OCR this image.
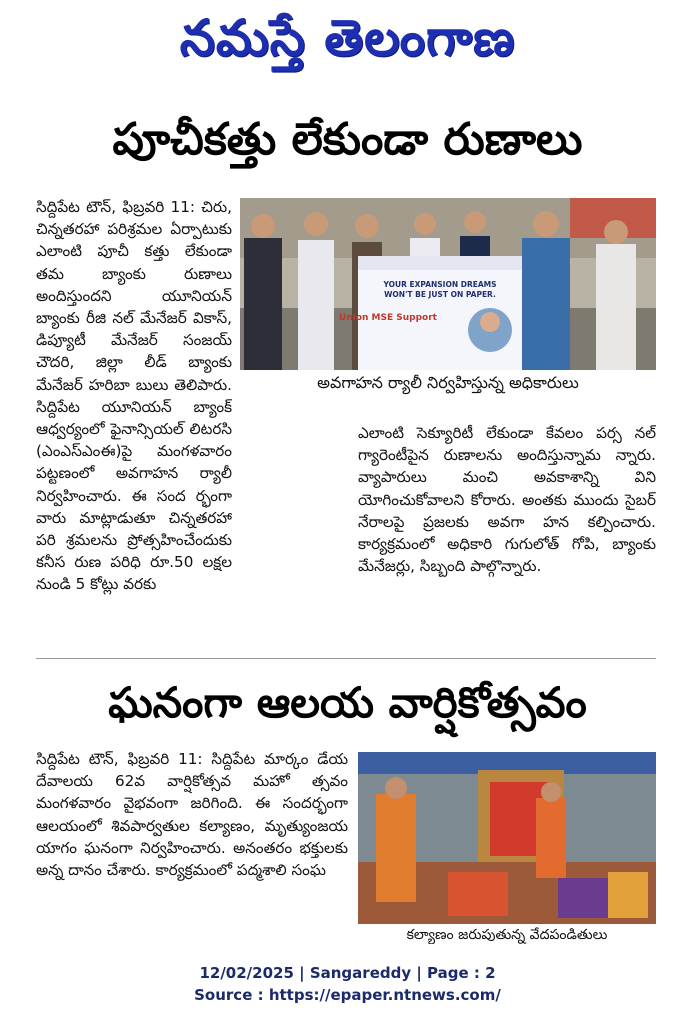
నమస్తే తెలంగాణ
పూచీకత్తు లేకుండా రుణాలు
సిద్దిపేట టౌన్, ఫిబ్రవరి 11: చిరు, చిన్నతరహా పరిశ్రమల ఏర్పాటుకు ఎలాంటి పూచీ కత్తు లేకుండా తమ బ్యాంకు రుణాలు అందిస్తుందని యూనియన్ బ్యాంకు రీజి నల్ మేనేజర్ వికాస్, డిప్యూటీ మేనేజర్ సంజయ్ చౌదరి, జిల్లా లీడ్ బ్యాంకు మేనేజర్ హరిబా బులు తెలిపారు. సిద్దిపేట యూనియన్ బ్యాంక్ ఆధ్వర్యంలో ఫైనాన్సియల్ లిటరసి (ఎంఎస్ఎంఈ)పై మంగళవారం పట్టణంలో అవగాహన ర్యాలీ నిర్వహించారు. ఈ సంద ర్భంగా వారు మాట్లాడుతూ చిన్నతరహా పరి శ్రమలను ప్రోత్సహించేందుకు కనీస రుణ పరిధి రూ.50 లక్షల నుండి 5 కోట్లు వరకు
YOUR EXPANSION DREAMS
WON'T BE JUST ON PAPER.
Union MSE Support
అవగాహన ర్యాలీ నిర్వహిస్తున్న అధికారులు
ఎలాంటి సెక్యూరిటీ లేకుండా కేవలం పర్స నల్ గ్యారెంటీపైన రుణాలను అందిస్తున్నామ న్నారు. వ్యాపారులు మంచి అవకాశాన్ని విని యోగించుకోవాలని కోరారు. అంతకు ముందు సైబర్ నేరాలపై ప్రజలకు అవగా హన కల్పించారు. కార్యక్రమంలో అధికారి గుగులోత్ గోపి, బ్యాంకు మేనేజర్లు, సిబ్బంది పాల్గొన్నారు.
ఘనంగా ఆలయ వార్షికోత్సవం
సిద్దిపేట టౌన్, ఫిబ్రవరి 11: సిద్దిపేట మార్కం డేయ దేవాలయ 62వ వార్షికోత్సవ మహో త్సవం మంగళవారం వైభవంగా జరిగింది. ఈ సందర్భంగా ఆలయంలో శివపార్వతుల కల్యాణం, మృత్యుంజయ యాగం ఘనంగా నిర్వహించారు. అనంతరం భక్తులకు అన్న దానం చేశారు. కార్యక్రమంలో పద్మశాలి సంఘ
కల్యాణం జరుపుతున్న వేదపండితులు
12/02/2025 | Sangareddy | Page : 2
Source : https://epaper.ntnews.com/
